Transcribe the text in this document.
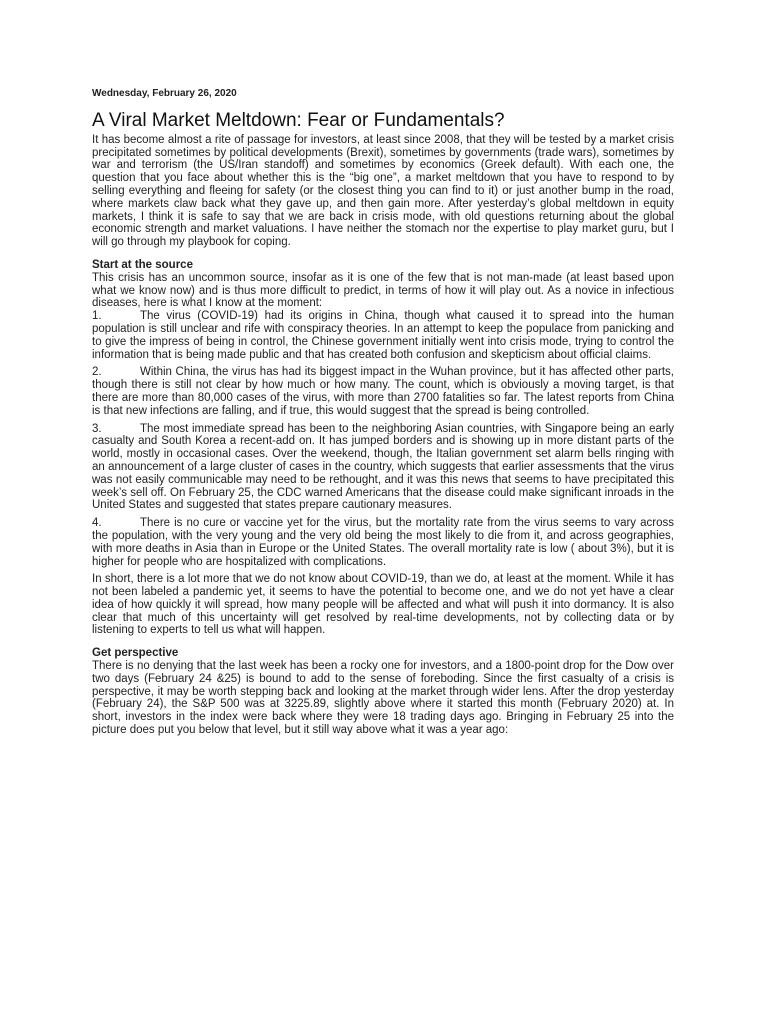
Wednesday, February 26, 2020
A Viral Market Meltdown: Fear or Fundamentals?

It has become almost a rite of passage for investors, at least since 2008, that they will be tested by a market crisis precipitated sometimes by political developments (Brexit), sometimes by governments (trade wars), sometimes by war and terrorism (the US/Iran standoff) and sometimes by economics (Greek default). With each one, the question that you face about whether this is the “big one”, a market meltdown that you have to respond to by selling everything and fleeing for safety (or the closest thing you can find to it) or just another bump in the road, where markets claw back what they gave up, and then gain more. After yesterday’s global meltdown in equity markets, I think it is safe to say that we are back in crisis mode, with old questions returning about the global economic strength and market valuations. I have neither the stomach nor the expertise to play market guru, but I will go through my playbook for coping.

Start at the source

This crisis has an uncommon source, insofar as it is one of the few that is not man-made (at least based upon what we know now) and is thus more difficult to predict, in terms of how it will play out. As a novice in infectious diseases, here is what I know at the moment:

1.	The virus (COVID-19) had its origins in China, though what caused it to spread into the human population is still unclear and rife with conspiracy theories. In an attempt to keep the populace from panicking and to give the impress of being in control, the Chinese government initially went into crisis mode, trying to control the information that is being made public and that has created both confusion and skepticism about official claims.

2.	Within China, the virus has had its biggest impact in the Wuhan province, but it has affected other parts, though there is still not clear by how much or how many. The count, which is obviously a moving target, is that there are more than 80,000 cases of the virus, with more than 2700 fatalities so far. The latest reports from China is that new infections are falling, and if true, this would suggest that the spread is being controlled.

3.	The most immediate spread has been to the neighboring Asian countries, with Singapore being an early casualty and South Korea a recent-add on. It has jumped borders and is showing up in more distant parts of the world, mostly in occasional cases. Over the weekend, though, the Italian government set alarm bells ringing with an announcement of a large cluster of cases in the country, which suggests that earlier assessments that the virus was not easily communicable may need to be rethought, and it was this news that seems to have precipitated this week’s sell off. On February 25, the CDC warned Americans that the disease could make significant inroads in the United States and suggested that states prepare cautionary measures.

4.	There is no cure or vaccine yet for the virus, but the mortality rate from the virus seems to vary across the population, with the very young and the very old being the most likely to die from it, and across geographies, with more deaths in Asia than in Europe or the United States. The overall mortality rate is low ( about 3%), but it is higher for people who are hospitalized with complications.

In short, there is a lot more that we do not know about COVID-19, than we do, at least at the moment. While it has not been labeled a pandemic yet, it seems to have the potential to become one, and we do not yet have a clear idea of how quickly it will spread, how many people will be affected and what will push it into dormancy. It is also clear that much of this uncertainty will get resolved by real-time developments, not by collecting data or by listening to experts to tell us what will happen.

Get perspective

There is no denying that the last week has been a rocky one for investors, and a 1800-point drop for the Dow over two days (February 24 &25) is bound to add to the sense of foreboding. Since the first casualty of a crisis is perspective, it may be worth stepping back and looking at the market through wider lens. After the drop yesterday (February 24), the S&P 500 was at 3225.89, slightly above where it started this month (February 2020) at. In short, investors in the index were back where they were 18 trading days ago. Bringing in February 25 into the picture does put you below that level, but it still way above what it was a year ago:
